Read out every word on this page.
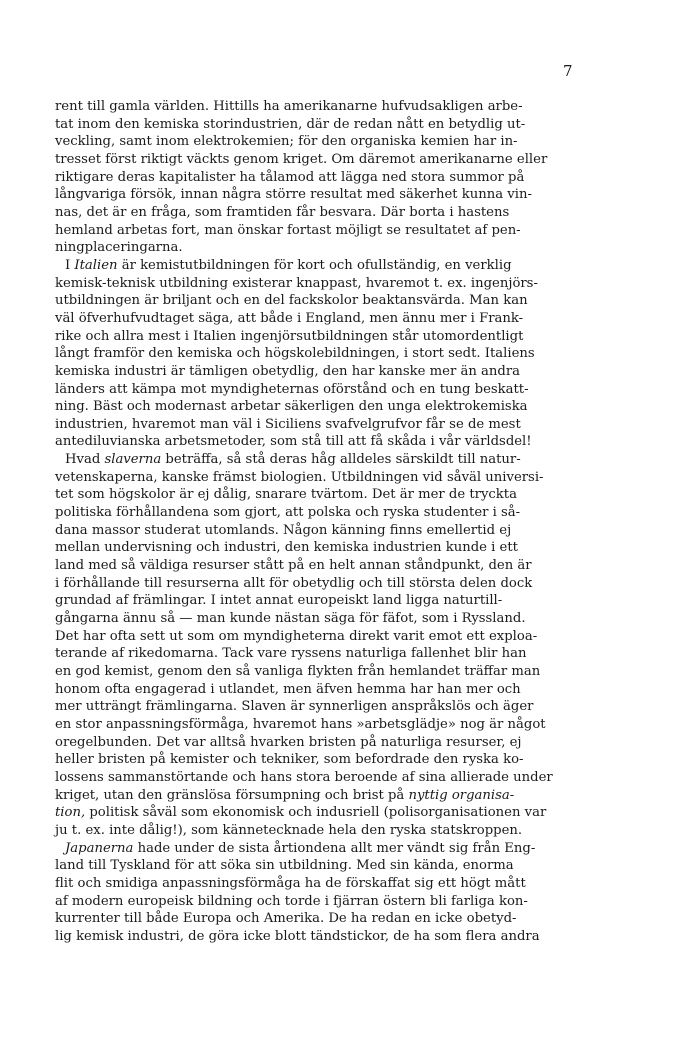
7
rent till gamla världen. Hittills ha amerikanarne hufvudsakligen arbe-
tat inom den kemiska storindustrien, där de redan nått en betydlig ut-
veckling, samt inom elektrokemien; för den organiska kemien har in-
tresset först riktigt väckts genom kriget. Om däremot amerikanarne eller
riktigare deras kapitalister ha tålamod att lägga ned stora summor på
långvariga försök, innan några större resultat med säkerhet kunna vin-
nas, det är en fråga, som framtiden får besvara. Där borta i hastens
hemland arbetas fort, man önskar fortast möjligt se resultatet af pen-
ningplaceringarna.
I Italien är kemistutbildningen för kort och ofullständig, en verklig
kemisk-teknisk utbildning existerar knappast, hvaremot t. ex. ingenjörs-
utbildningen är briljant och en del fackskolor beaktansvärda. Man kan
väl öfverhufvudtaget säga, att både i England, men ännu mer i Frank-
rike och allra mest i Italien ingenjörsutbildningen står utomordentligt
långt framför den kemiska och högskolebildningen, i stort sedt. Italiens
kemiska industri är tämligen obetydlig, den har kanske mer än andra
länders att kämpa mot myndigheternas oförstånd och en tung beskatt-
ning. Bäst och modernast arbetar säkerligen den unga elektrokemiska
industrien, hvaremot man väl i Siciliens svafvelgrufvor får se de mest
antediluvianska arbetsmetoder, som stå till att få skåda i vår världsdel!
Hvad slaverna beträffa, så stå deras håg alldeles särskildt till natur-
vetenskaperna, kanske främst biologien. Utbildningen vid såväl universi-
tet som högskolor är ej dålig, snarare tvärtom. Det är mer de tryckta
politiska förhållandena som gjort, att polska och ryska studenter i så-
dana massor studerat utomlands. Någon känning finns emellertid ej
mellan undervisning och industri, den kemiska industrien kunde i ett
land med så väldiga resurser stått på en helt annan ståndpunkt, den är
i förhållande till resurserna allt för obetydlig och till största delen dock
grundad af främlingar. I intet annat europeiskt land ligga naturtill-
gångarna ännu så — man kunde nästan säga för fäfot, som i Ryssland.
Det har ofta sett ut som om myndigheterna direkt varit emot ett exploa-
terande af rikedomarna. Tack vare ryssens naturliga fallenhet blir han
en god kemist, genom den så vanliga flykten från hemlandet träffar man
honom ofta engagerad i utlandet, men äfven hemma har han mer och
mer utträngt främlingarna. Slaven är synnerligen anspråkslös och äger
en stor anpassningsförmåga, hvaremot hans »arbetsglädje» nog är något
oregelbunden. Det var alltså hvarken bristen på naturliga resurser, ej
heller bristen på kemister och tekniker, som befordrade den ryska ko-
lossens sammanstörtande och hans stora beroende af sina allierade under
kriget, utan den gränslösa försumpning och brist på nyttig organisa-
tion, politisk såväl som ekonomisk och indusriell (polisorganisationen var
ju t. ex. inte dålig!), som kännetecknade hela den ryska statskroppen.
Japanerna hade under de sista årtiondena allt mer vändt sig från Eng-
land till Tyskland för att söka sin utbildning. Med sin kända, enorma
flit och smidiga anpassningsförmåga ha de förskaffat sig ett högt mått
af modern europeisk bildning och torde i fjärran östern bli farliga kon-
kurrenter till både Europa och Amerika. De ha redan en icke obetyd-
lig kemisk industri, de göra icke blott tändstickor, de ha som flera andra
